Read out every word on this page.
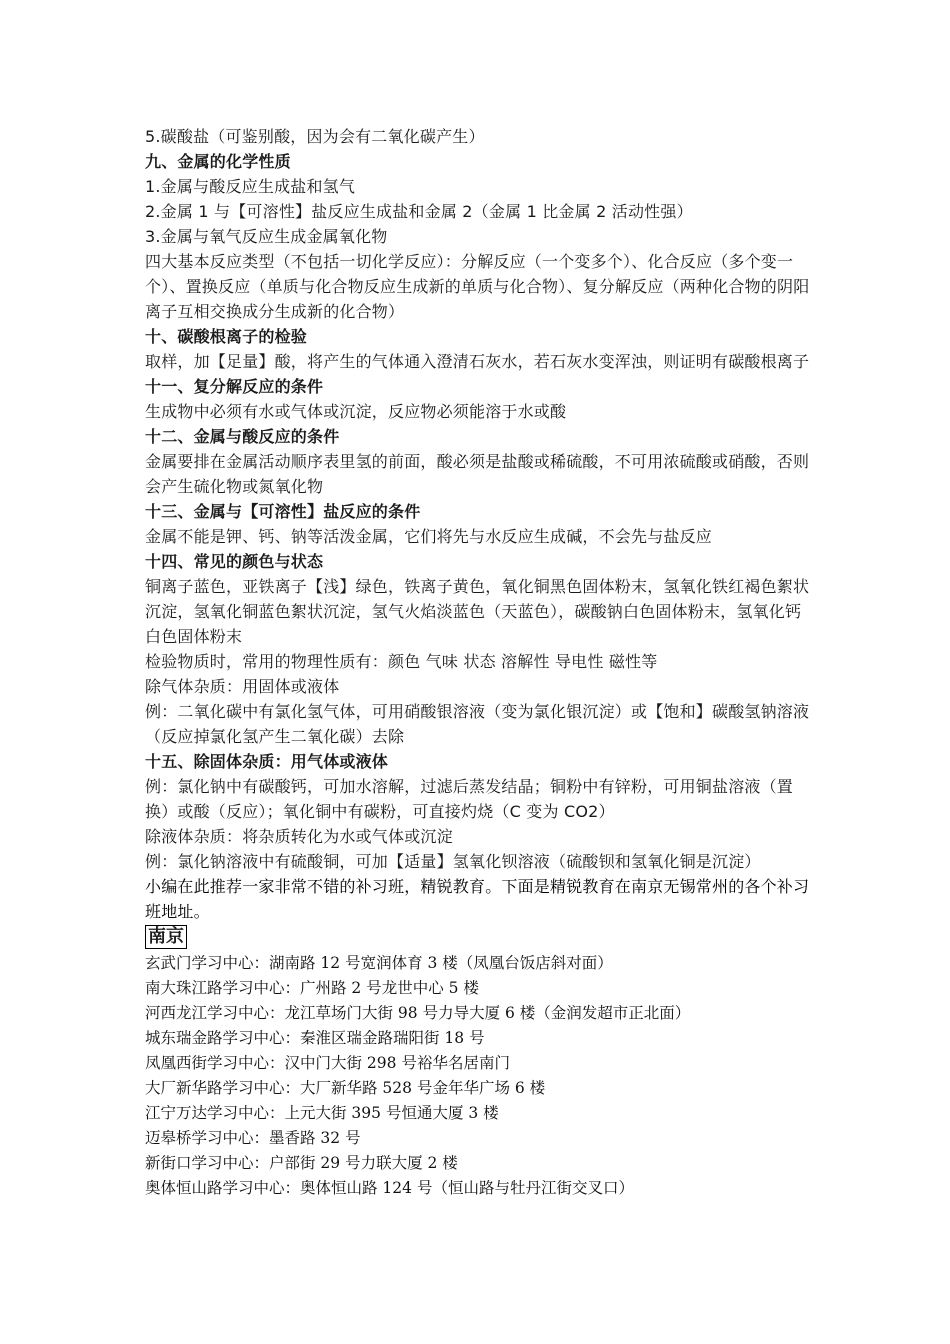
5.碳酸盐（可鉴别酸，因为会有二氧化碳产生）

九、金属的化学性质

1.金属与酸反应生成盐和氢气

2.金属 1 与【可溶性】盐反应生成盐和金属 2（金属 1 比金属 2 活动性强）

3.金属与氧气反应生成金属氧化物

四大基本反应类型（不包括一切化学反应）：分解反应（一个变多个）、化合反应（多个变一个）、置换反应（单质与化合物反应生成新的单质与化合物）、复分解反应（两种化合物的阴阳离子互相交换成分生成新的化合物）

十、碳酸根离子的检验

取样，加【足量】酸，将产生的气体通入澄清石灰水，若石灰水变浑浊，则证明有碳酸根离子

十一、复分解反应的条件

生成物中必须有水或气体或沉淀，反应物必须能溶于水或酸

十二、金属与酸反应的条件

金属要排在金属活动顺序表里氢的前面，酸必须是盐酸或稀硫酸，不可用浓硫酸或硝酸，否则会产生硫化物或氮氧化物

十三、金属与【可溶性】盐反应的条件

金属不能是钾、钙、钠等活泼金属，它们将先与水反应生成碱，不会先与盐反应

十四、常见的颜色与状态

铜离子蓝色，亚铁离子【浅】绿色，铁离子黄色，氧化铜黑色固体粉末，氢氧化铁红褐色絮状沉淀，氢氧化铜蓝色絮状沉淀，氢气火焰淡蓝色（天蓝色），碳酸钠白色固体粉末，氢氧化钙白色固体粉末

检验物质时，常用的物理性质有：颜色 气味 状态 溶解性 导电性 磁性等

除气体杂质：用固体或液体

例：二氧化碳中有氯化氢气体，可用硝酸银溶液（变为氯化银沉淀）或【饱和】碳酸氢钠溶液（反应掉氯化氢产生二氧化碳）去除

十五、除固体杂质：用气体或液体

例：氯化钠中有碳酸钙，可加水溶解，过滤后蒸发结晶；铜粉中有锌粉，可用铜盐溶液（置换）或酸（反应）；氧化铜中有碳粉，可直接灼烧（C 变为 CO2）

除液体杂质：将杂质转化为水或气体或沉淀

例：氯化钠溶液中有硫酸铜，可加【适量】氢氧化钡溶液（硫酸钡和氢氧化铜是沉淀）

小编在此推荐一家非常不错的补习班，精锐教育。下面是精锐教育在南京无锡常州的各个补习班地址。

南京

玄武门学习中心：湖南路 12 号宽润体育 3 楼（凤凰台饭店斜对面）

南大珠江路学习中心：广州路 2 号龙世中心 5 楼

河西龙江学习中心：龙江草场门大街 98 号力导大厦 6 楼（金润发超市正北面）

城东瑞金路学习中心：秦淮区瑞金路瑞阳街 18 号

凤凰西街学习中心：汉中门大街 298 号裕华名居南门

大厂新华路学习中心：大厂新华路 528 号金年华广场 6 楼

江宁万达学习中心：上元大街 395 号恒通大厦 3 楼

迈皋桥学习中心：墨香路 32 号

新街口学习中心：户部街 29 号力联大厦 2 楼

奥体恒山路学习中心：奥体恒山路 124 号（恒山路与牡丹江街交叉口）
